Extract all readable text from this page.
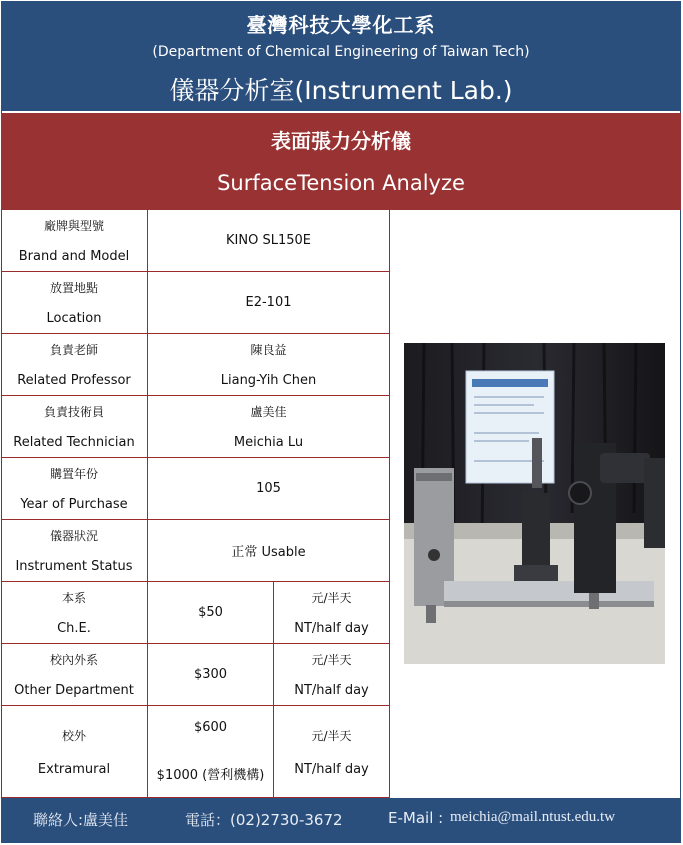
臺灣科技大學化工系
(Department of Chemical Engineering of Taiwan Tech)
儀器分析室(Instrument Lab.)
表面張力分析儀
SurfaceTension Analyze
廠牌與型號
Brand and Model
KINO SL150E
放置地點
Location
E2-101
負責老師
Related Professor
陳良益
Liang-Yih Chen
負責技術員
Related Technician
盧美佳
Meichia Lu
購置年份
Year of Purchase
105
儀器狀況
Instrument Status
正常 Usable
本系
Ch.E.
$50
元/半天
NT/half day
校內外系
Other Department
$300
元/半天
NT/half day
校外
Extramural
$600
$1000 (營利機構)
元/半天
NT/half day
聯絡人:盧美佳	電話：(02)2730-3672	E-Mail : meichia@mail.ntust.edu.tw
